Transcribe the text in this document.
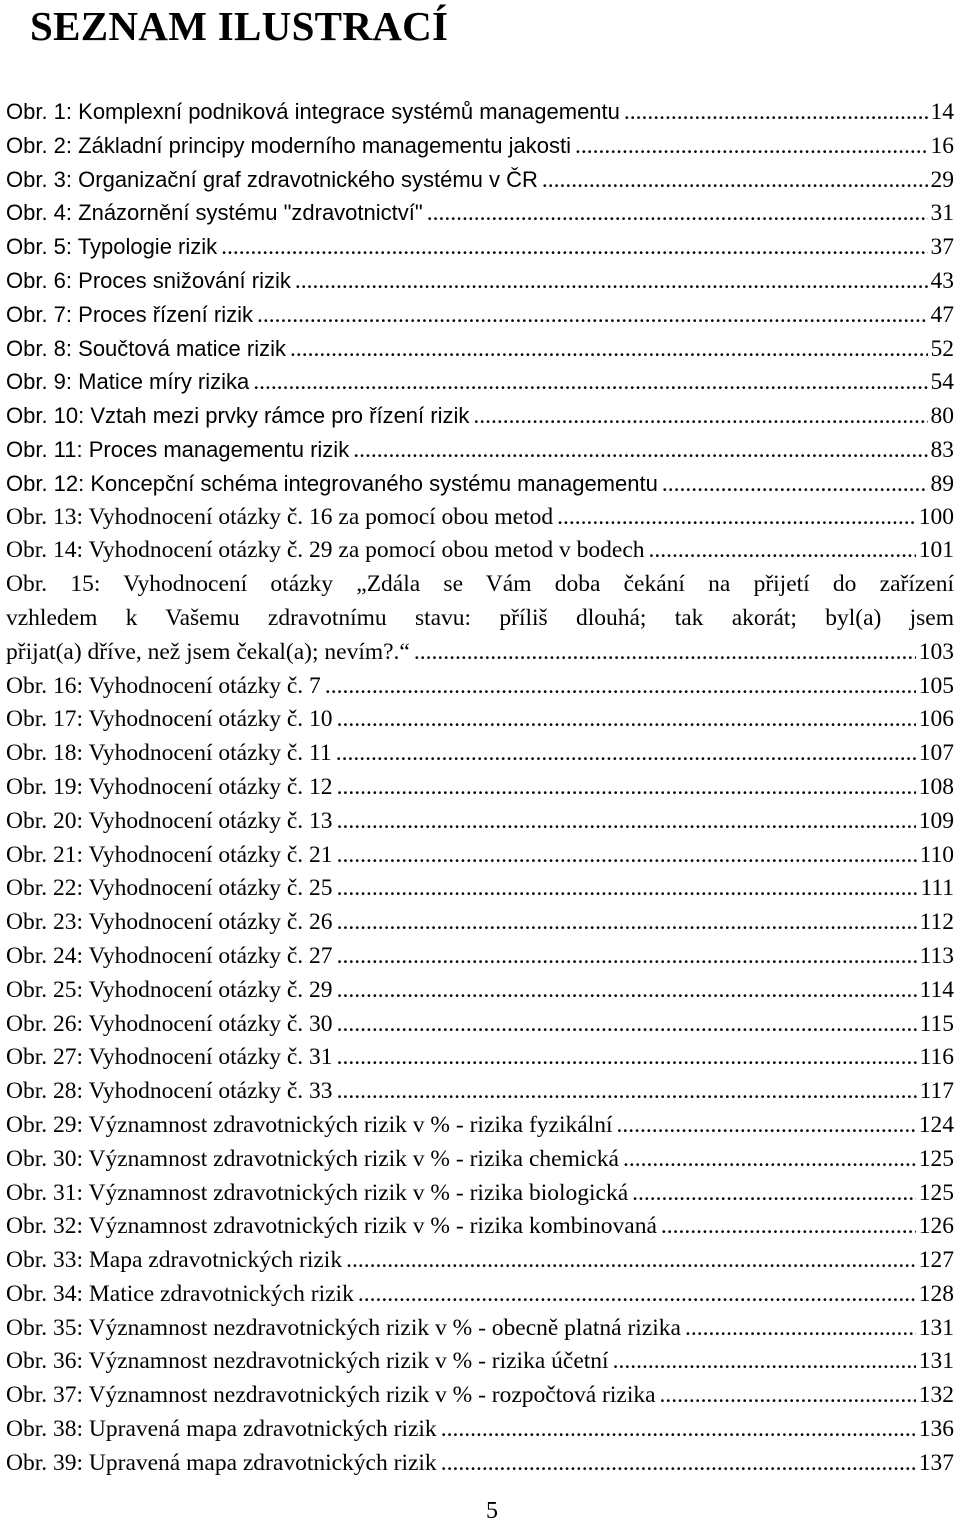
SEZNAM ILUSTRACÍ
Obr. 1: Komplexní podniková integrace systémů managementu .....	14
Obr. 2: Základní principy moderního managementu jakosti .....	16
Obr. 3: Organizační graf zdravotnického systému v ČR .....	29
Obr. 4: Znázornění systému "zdravotnictví" .....	31
Obr. 5: Typologie rizik .....	37
Obr. 6: Proces snižování rizik .....	43
Obr. 7: Proces řízení rizik .....	47
Obr. 8: Součtová matice rizik .....	52
Obr. 9: Matice míry rizika .....	54
Obr. 10: Vztah mezi prvky rámce pro řízení rizik .....	80
Obr. 11: Proces managementu rizik .....	83
Obr. 12: Koncepční schéma integrovaného systému managementu .....	89
Obr. 13: Vyhodnocení otázky č. 16 za pomocí obou metod .....	100
Obr. 14: Vyhodnocení otázky č. 29 za pomocí obou metod v bodech .....	101
Obr. 15: Vyhodnocení otázky „Zdála se Vám doba čekání na přijetí do zařízení
vzhledem k Vašemu zdravotnímu stavu: příliš dlouhá; tak akorát; byl(a) jsem
přijat(a) dříve, než jsem čekal(a); nevím?.“ .....	103
Obr. 16: Vyhodnocení otázky č. 7 .....	105
Obr. 17: Vyhodnocení otázky č. 10 .....	106
Obr. 18: Vyhodnocení otázky č. 11 .....	107
Obr. 19: Vyhodnocení otázky č. 12 .....	108
Obr. 20: Vyhodnocení otázky č. 13 .....	109
Obr. 21: Vyhodnocení otázky č. 21 .....	110
Obr. 22: Vyhodnocení otázky č. 25 .....	111
Obr. 23: Vyhodnocení otázky č. 26 .....	112
Obr. 24: Vyhodnocení otázky č. 27 .....	113
Obr. 25: Vyhodnocení otázky č. 29 .....	114
Obr. 26: Vyhodnocení otázky č. 30 .....	115
Obr. 27: Vyhodnocení otázky č. 31 .....	116
Obr. 28: Vyhodnocení otázky č. 33 .....	117
Obr. 29: Významnost zdravotnických rizik v % - rizika fyzikální .....	124
Obr. 30: Významnost zdravotnických rizik v % - rizika chemická .....	125
Obr. 31: Významnost zdravotnických rizik v % - rizika biologická .....	125
Obr. 32: Významnost zdravotnických rizik v % - rizika kombinovaná .....	126
Obr. 33: Mapa zdravotnických rizik .....	127
Obr. 34: Matice zdravotnických rizik .....	128
Obr. 35: Významnost nezdravotnických rizik v % - obecně platná rizika .....	131
Obr. 36: Významnost nezdravotnických rizik v % - rizika účetní .....	131
Obr. 37: Významnost nezdravotnických rizik v % - rozpočtová rizika .....	132
Obr. 38: Upravená mapa zdravotnických rizik .....	136
Obr. 39: Upravená mapa zdravotnických rizik .....	137
5
